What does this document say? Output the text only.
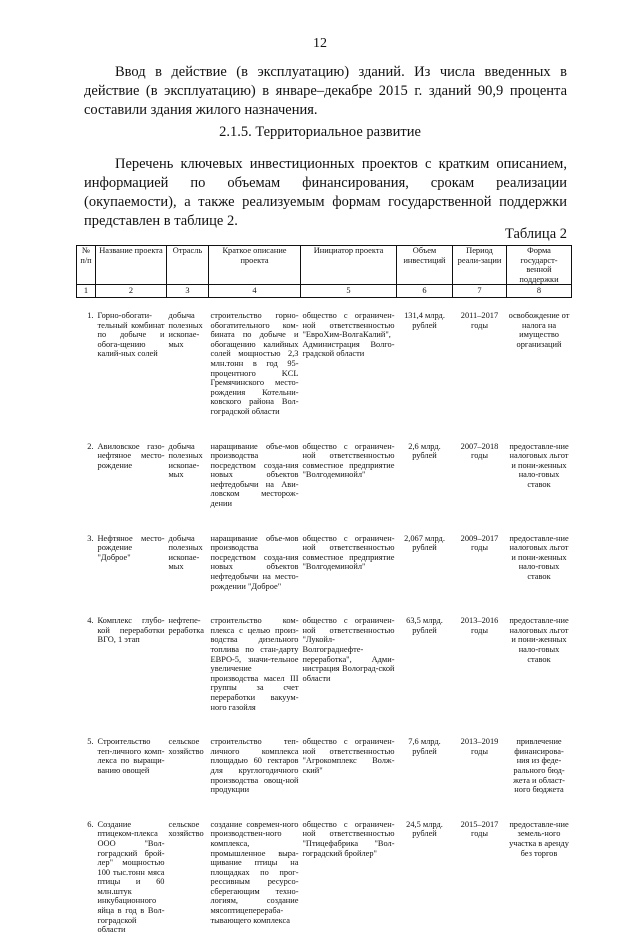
12
Ввод в действие (в эксплуатацию) зданий. Из числа введенных в действие (в эксплуатацию) в январе–декабре 2015 г. зданий 90,9 процента составили здания жилого назначения.
2.1.5. Территориальное развитие
Перечень ключевых инвестиционных проектов с кратким описанием, информацией по объемам финансирования, срокам реализации (окупаемости), а также реализуемым формам государственной поддержки представлен в таблице 2.
Таблица 2
№ п/п	Название проекта	Отрасль	Краткое описание проекта	Инициатор проекта	Объем инвестиций	Период реали-зации	Форма государст-венной поддержки
1	2	3	4	5	6	7	8
1.	Горно-обогати-тельный комбинат по добыче и обога-щению калий-ных солей	добыча полезных ископае-мых	строительство горно-обогатительного ком-бината по добыче и обогащению калийных солей мощностью 2,3 млн.тонн в год 95-процентного KCL Гремячинского место-рождения Котельни-ковского района Вол-гоградской области	общество с ограничен-ной ответственностью "ЕвроХим-ВолгаКалий", Администрация Волго-градской области	131,4 млрд. рублей	2011–2017 годы	освобождение от налога на имущество организаций
2.	Авиловское газо-нефтяное место-рождение	добыча полезных ископае-мых	наращивание объе-мов производства посредством созда-ния новых объектов нефтедобычи на Ави-ловском месторож-дении	общество с ограничен-ной ответственностью совместное предприятие "Волгодеминойл"	2,6 млрд. рублей	2007–2018 годы	предоставле-ние налоговых льгот и пони-женных нало-говых ставок
3.	Нефтяное место-рождение "Доброе"	добыча полезных ископае-мых	наращивание объе-мов производства посредством созда-ния новых объектов нефтедобычи на место-рождении "Доброе"	общество с ограничен-ной ответственностью совместное предприятие "Волгодеминойл"	2,067 млрд. рублей	2009–2017 годы	предоставле-ние налоговых льгот и пони-женных нало-говых ставок
4.	Комплекс глубо-кой переработки ВГО, 1 этап	нефтепе-реработка	строительство ком-плекса с целью произ-водства дизельного топлива по стан-дарту ЕВРО-5, значи-тельное увеличение производства масел III группы за счет переработки вакуум-ного газойля	общество с ограничен-ной ответственностью "Лукойл-Волгограднефте-переработка", Адми-нистрация Волоград-ской области	63,5 млрд. рублей	2013–2016 годы	предоставле-ние налоговых льгот и пони-женных нало-говых ставок
5.	Строительство теп-личного комп-лекса по выращи-ванию овощей	сельское хозяйство	строительство теп-личного комплекса площадью 60 гектаров для круглогодичного производства овощ-ной продукции	общество с ограничен-ной ответственностью "Агрокомплекс Волж-ский"	7,6 млрд. рублей	2013–2019 годы	привлечение финансирова-ния из феде-рального бюд-жета и област-ного бюджета
6.	Создание птицеком-плекса ООО "Вол-гоградский брой-лер" мощностью 100 тыс.тонн мяса птицы и 60 млн.штук инкубационного яйца в год в Вол-гоградской области	сельское хозяйство	создание современ-ного производствен-ного комплекса, промышленное выра-щивание птицы на площадках по прог-рессивным ресурсо-сберегающим техно-логиям, создание мясоптицеперераба-тывающего комплекса	общество с ограничен-ной ответственностью "Птицефабрика "Вол-гоградский бройлер"	24,5 млрд. рублей	2015–2017 годы	предоставле-ние земель-ного участка в аренду без торгов
